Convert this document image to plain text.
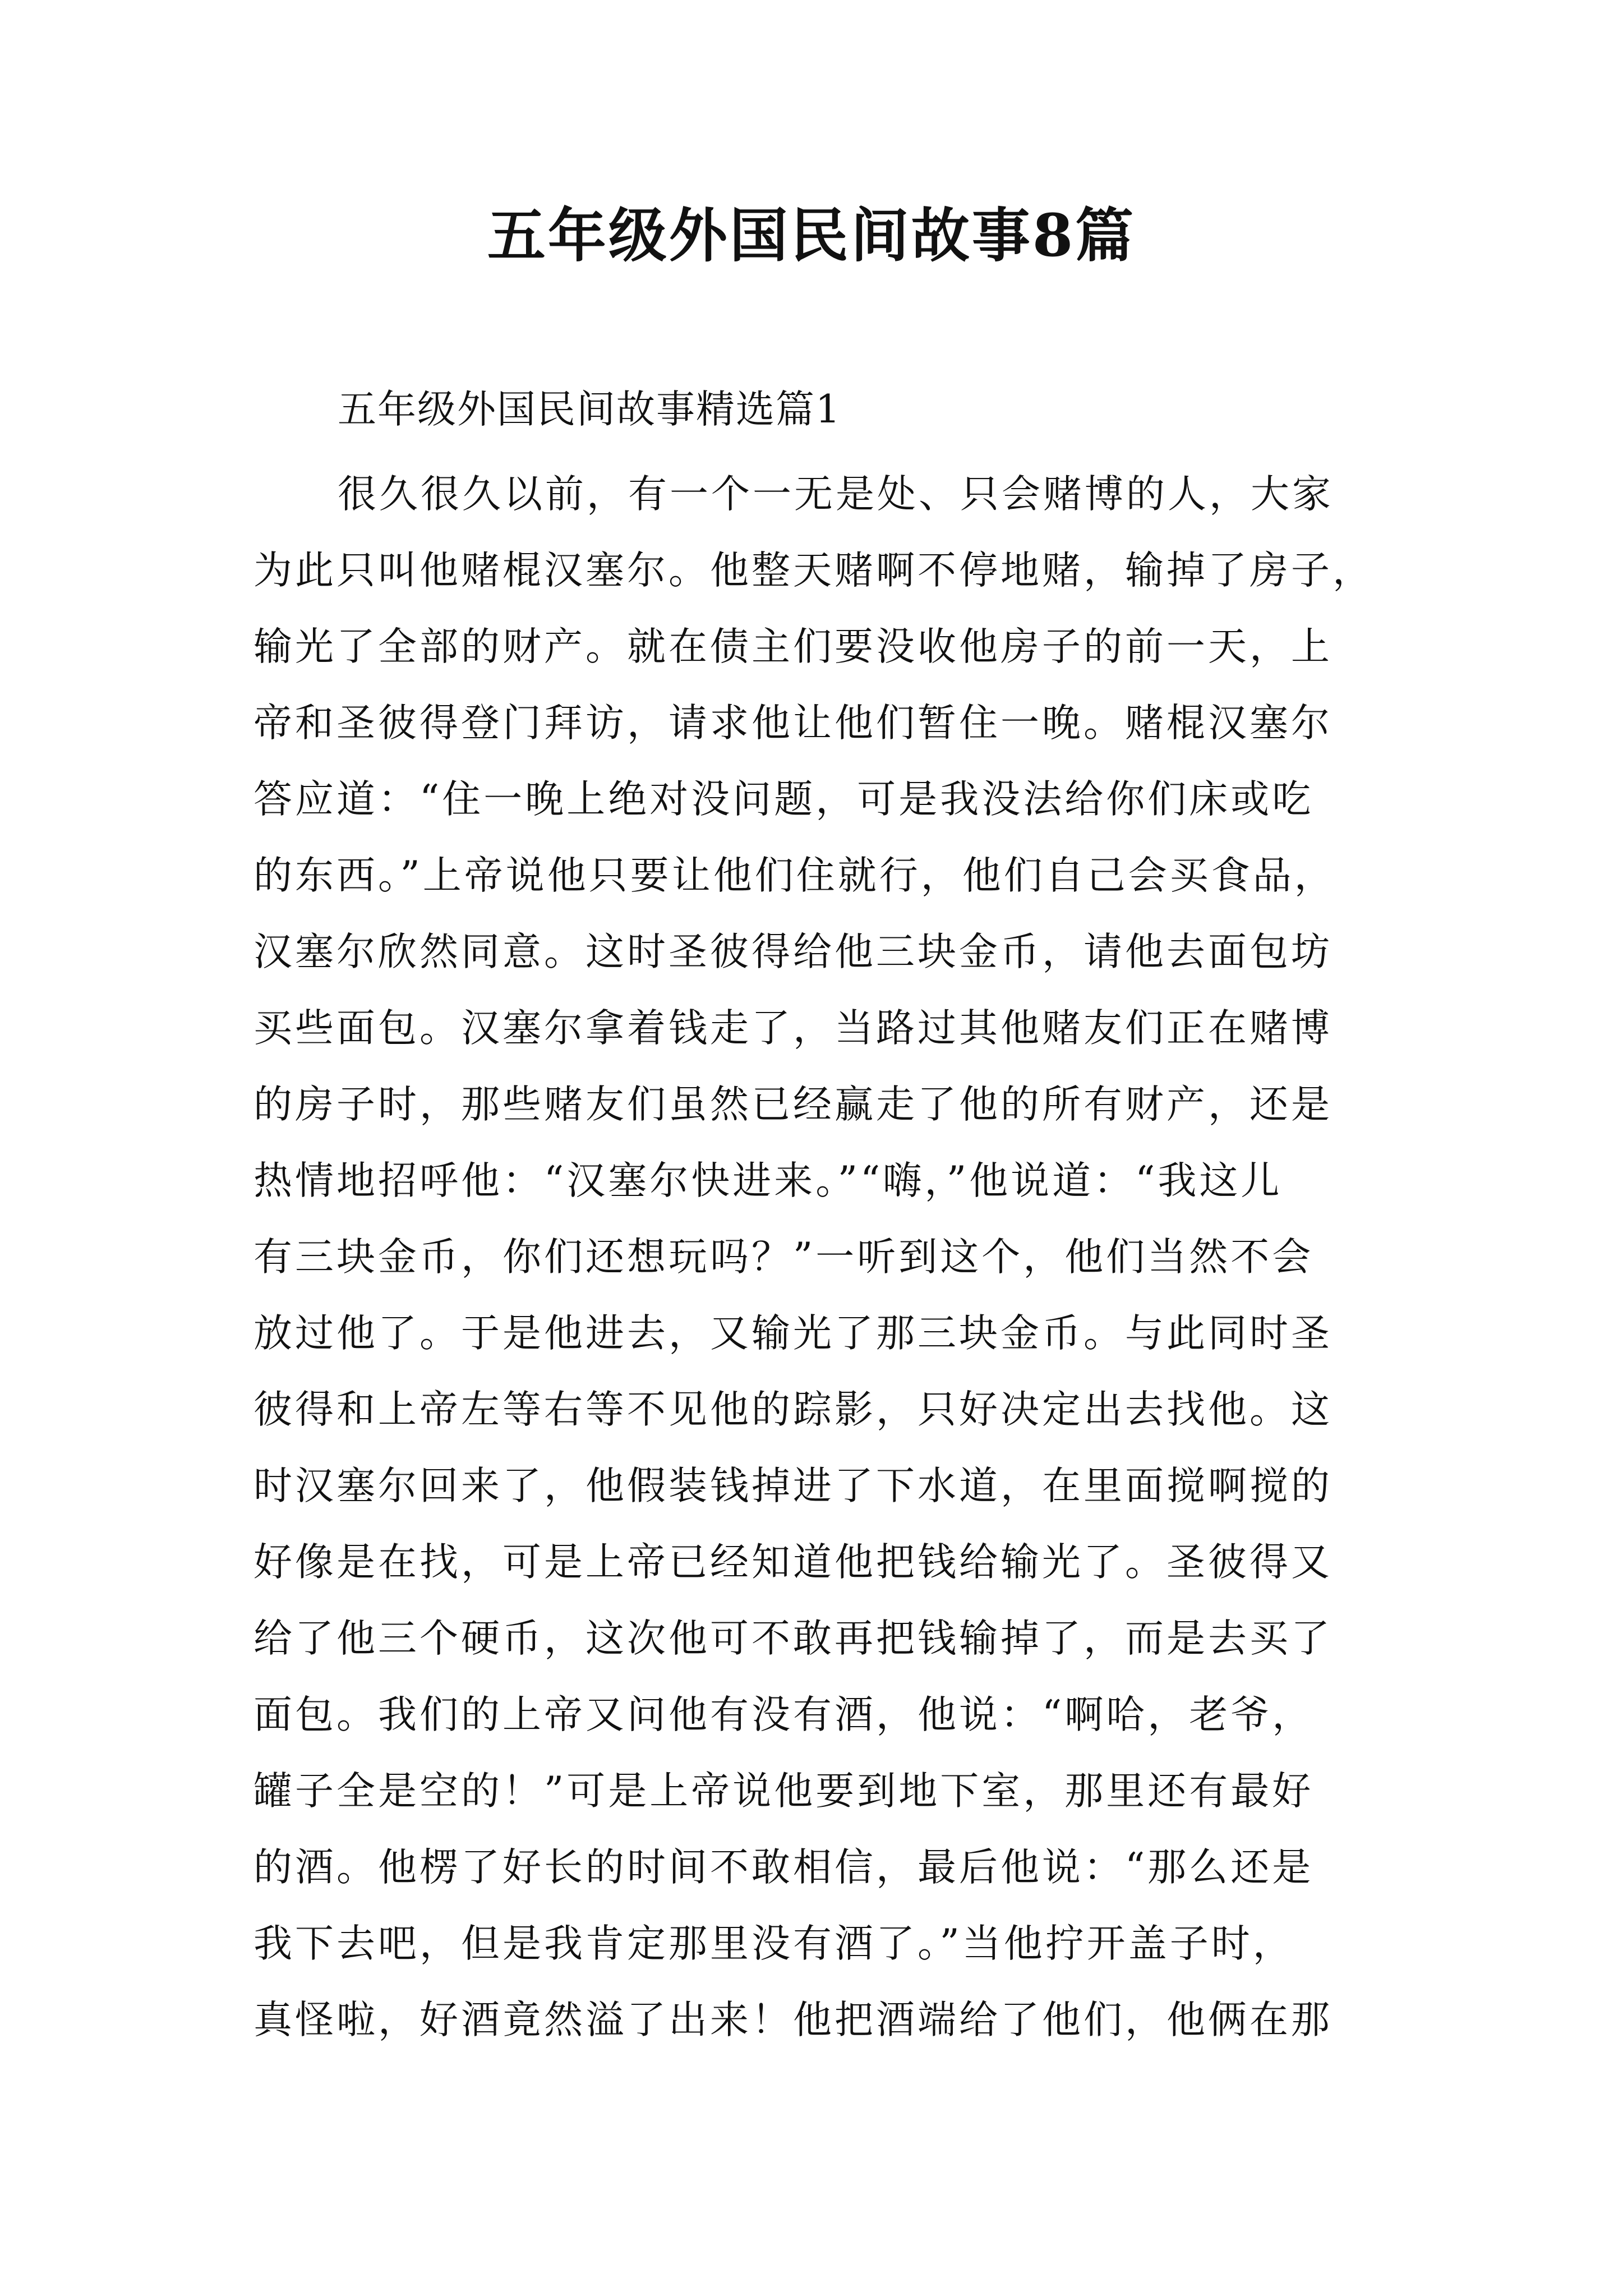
五年级外国民间故事8篇
五年级外国民间故事精选篇1
很久很久以前，有一个一无是处、只会赌博的人，大家
为此只叫他赌棍汉塞尔。他整天赌啊不停地赌，输掉了房子，
输光了全部的财产。就在债主们要没收他房子的前一天，上
帝和圣彼得登门拜访，请求他让他们暂住一晚。赌棍汉塞尔
答应道：“住一晚上绝对没问题，可是我没法给你们床或吃
的东西。”上帝说他只要让他们住就行，他们自己会买食品，
汉塞尔欣然同意。这时圣彼得给他三块金币，请他去面包坊
买些面包。汉塞尔拿着钱走了，当路过其他赌友们正在赌博
的房子时，那些赌友们虽然已经赢走了他的所有财产，还是
热情地招呼他：“汉塞尔快进来。”“嗨，”他说道：“我这儿
有三块金币，你们还想玩吗？”一听到这个，他们当然不会
放过他了。于是他进去，又输光了那三块金币。与此同时圣
彼得和上帝左等右等不见他的踪影，只好决定出去找他。这
时汉塞尔回来了，他假装钱掉进了下水道，在里面搅啊搅的
好像是在找，可是上帝已经知道他把钱给输光了。圣彼得又
给了他三个硬币，这次他可不敢再把钱输掉了，而是去买了
面包。我们的上帝又问他有没有酒，他说：“啊哈，老爷，
罐子全是空的！”可是上帝说他要到地下室，那里还有最好
的酒。他楞了好长的时间不敢相信，最后他说：“那么还是
我下去吧，但是我肯定那里没有酒了。”当他拧开盖子时，
真怪啦，好酒竟然溢了出来！他把酒端给了他们，他俩在那
